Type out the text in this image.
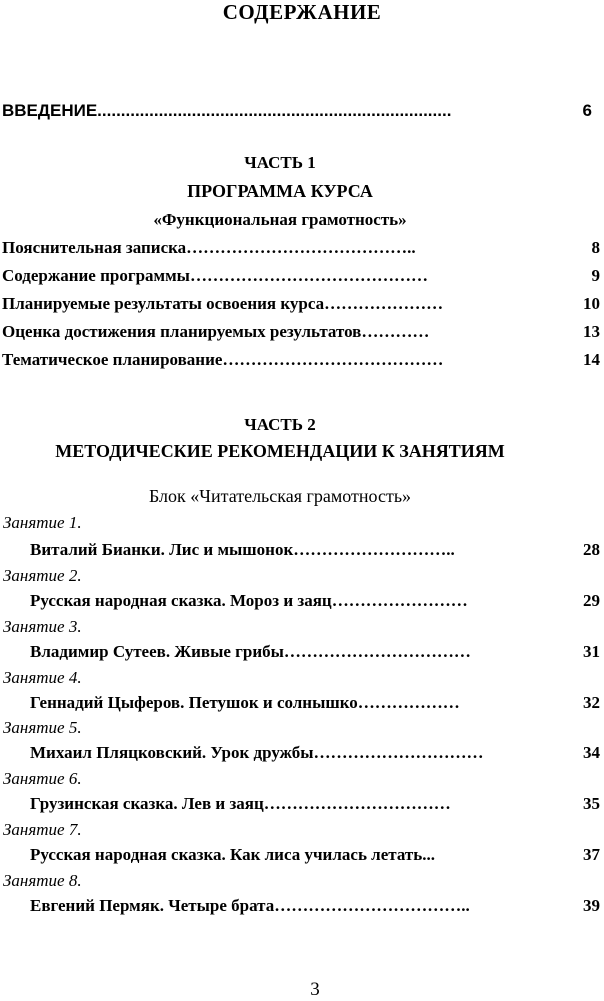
СОДЕРЖАНИЕ
ВВЕДЕНИЕ...........................................................................	6
ЧАСТЬ 1
ПРОГРАММА КУРСА
«Функциональная грамотность»
Пояснительная записка…………………………………..	8
Содержание программы……………………………………	9
Планируемые результаты освоения курса…………………	10
Оценка достижения планируемых результатов…………	13
Тематическое планирование…………………………………	14
ЧАСТЬ 2
МЕТОДИЧЕСКИЕ РЕКОМЕНДАЦИИ К ЗАНЯТИЯМ
Блок «Читательская грамотность»
Занятие 1.
Виталий Бианки. Лис и мышонок………………………..	28
Занятие 2.
Русская народная сказка. Мороз и заяц……………………	29
Занятие 3.
Владимир Сутеев. Живые грибы……………………………	31
Занятие 4.
Геннадий Цыферов. Петушок и солнышко………………	32
Занятие 5.
Михаил Пляцковский. Урок дружбы…………………………	34
Занятие 6.
Грузинская сказка. Лев и заяц……………………………	35
Занятие 7.
Русская народная сказка. Как лиса училась летать...	37
Занятие 8.
Евгений Пермяк. Четыре брата……………………………..	39
3
